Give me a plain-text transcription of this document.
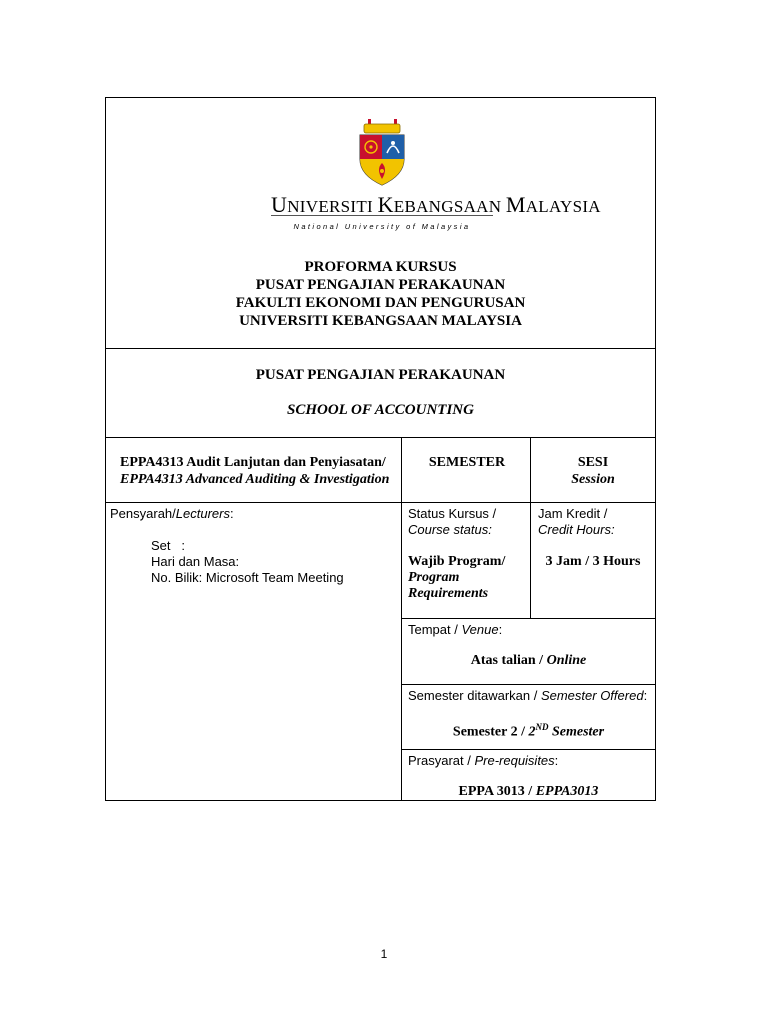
UNIVERSITI KEBANGSAAN MALAYSIA
National University of Malaysia
PROFORMA KURSUS
PUSAT PENGAJIAN PERAKAUNAN
FAKULTI EKONOMI DAN PENGURUSAN
UNIVERSITI KEBANGSAAN MALAYSIA
PUSAT PENGAJIAN PERAKAUNAN
SCHOOL OF ACCOUNTING
EPPA4313 Audit Lanjutan dan Penyiasatan/
EPPA4313 Advanced Auditing & Investigation
SEMESTER	SESI
Session
Pensyarah/Lecturers:
Set   :
Hari dan Masa:
No. Bilik: Microsoft Team Meeting
Status Kursus /
Course status:
Wajib Program/
Program
Requirements
Jam Kredit /
Credit Hours:
3 Jam / 3 Hours
Tempat / Venue:
Atas talian / Online
Semester ditawarkan / Semester Offered:
Semester 2 / 2ND Semester
Prasyarat / Pre-requisites:
EPPA 3013 / EPPA3013
1
